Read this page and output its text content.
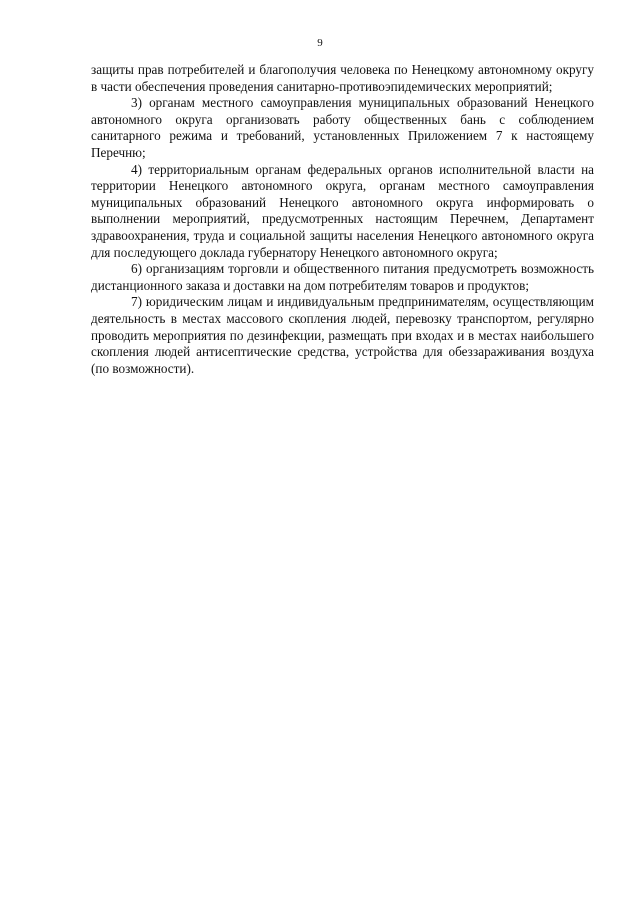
9

защиты прав потребителей и благополучия человека по Ненецкому автономному округу в части обеспечения проведения санитарно-противоэпидемических мероприятий;

3) органам местного самоуправления муниципальных образований Ненецкого автономного округа организовать работу общественных бань с соблюдением санитарного режима и требований, установленных Приложением 7 к настоящему Перечню;

4) территориальным органам федеральных органов исполнительной власти на территории Ненецкого автономного округа, органам местного самоуправления муниципальных образований Ненецкого автономного округа информировать о выполнении мероприятий, предусмотренных настоящим Перечнем, Департамент здравоохранения, труда и социальной защиты населения Ненецкого автономного округа для последующего доклада губернатору Ненецкого автономного округа;

6) организациям торговли и общественного питания предусмотреть возможность дистанционного заказа и доставки на дом потребителям товаров и продуктов;

7) юридическим лицам и индивидуальным предпринимателям, осуществляющим деятельность в местах массового скопления людей, перевозку транспортом, регулярно проводить мероприятия по дезинфекции, размещать при входах и в местах наибольшего скопления людей антисептические средства, устройства для обеззараживания воздуха (по возможности).
